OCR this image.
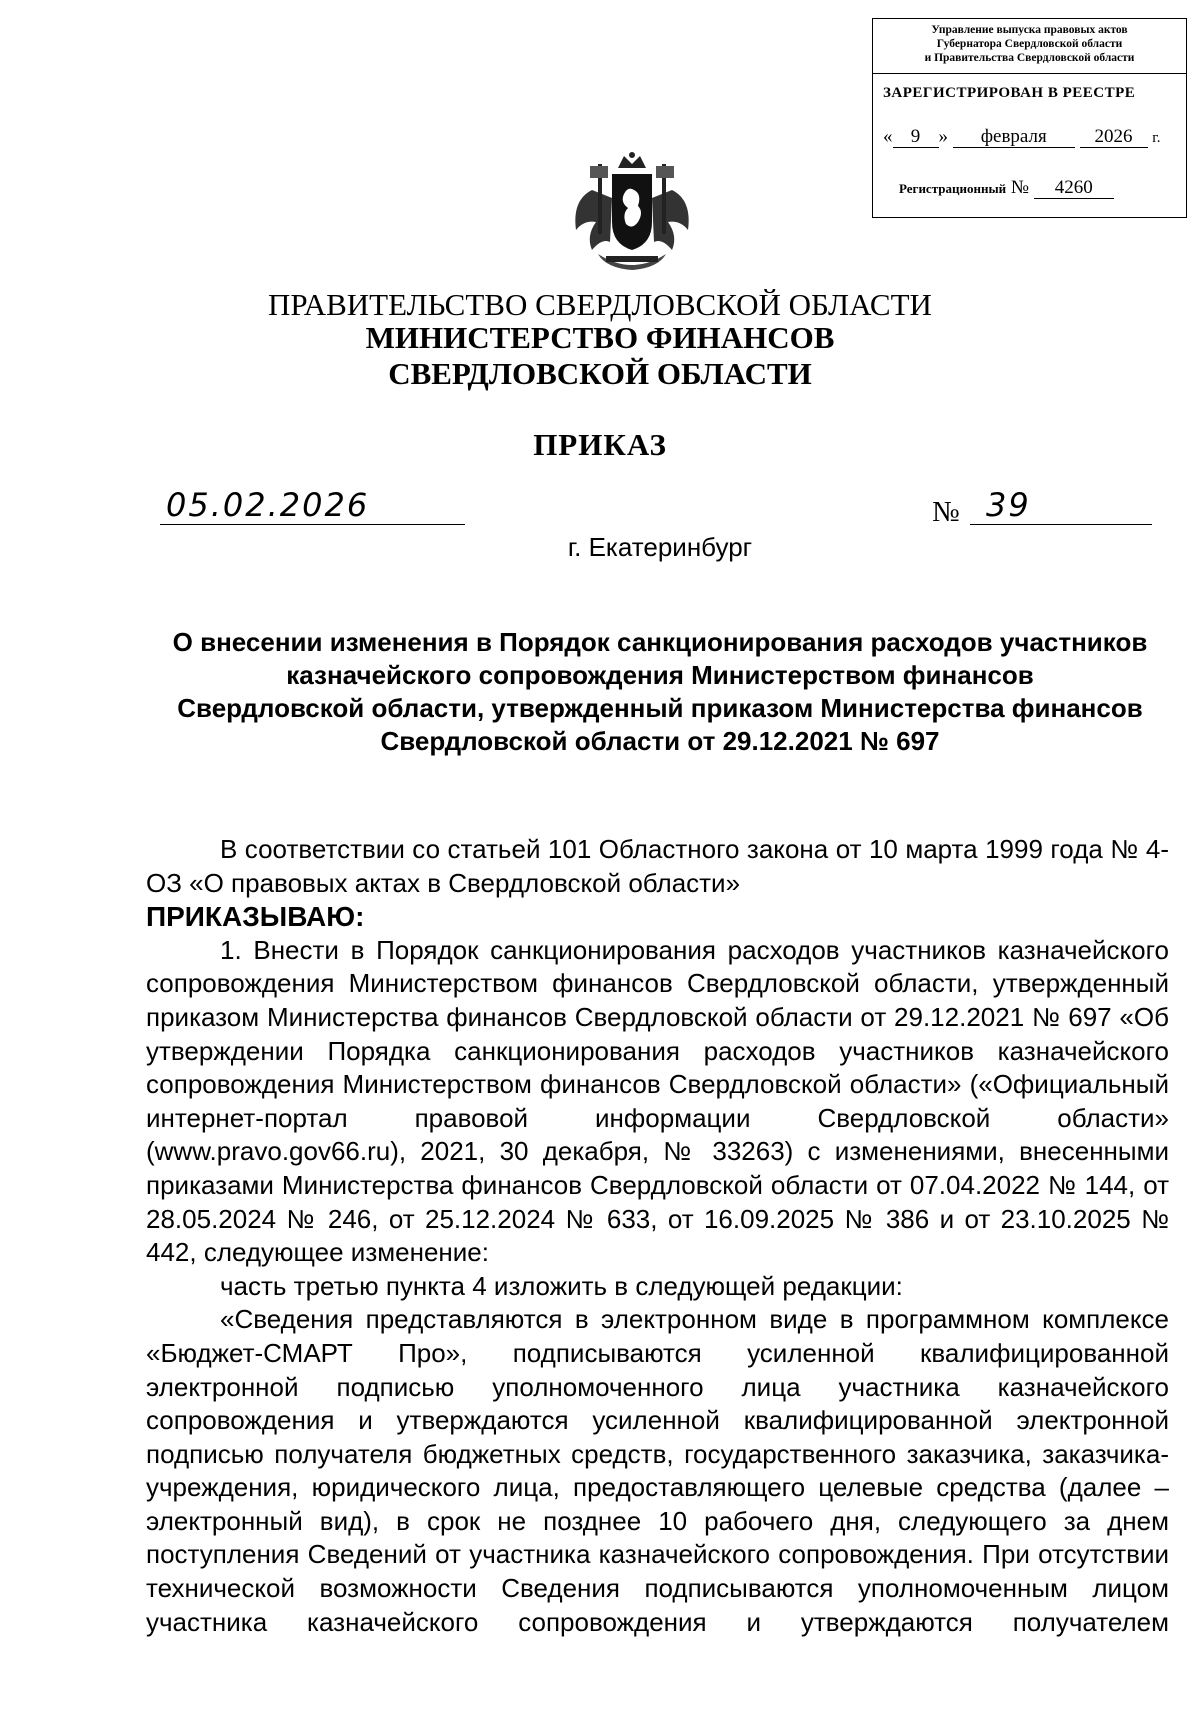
Управление выпуска правовых актов
Губернатора Свердловской области
и Правительства Свердловской области
ЗАРЕГИСТРИРОВАН В РЕЕСТРЕ
« 9 » февраля	2026 г.
Регистрационный № 4260
ПРАВИТЕЛЬСТВО СВЕРДЛОВСКОЙ ОБЛАСТИ
МИНИСТЕРСТВО ФИНАНСОВ
СВЕРДЛОВСКОЙ ОБЛАСТИ
ПРИКАЗ
05.02.2026	№ 39
г. Екатеринбург
О внесении изменения в Порядок санкционирования расходов участников
казначейского сопровождения Министерством финансов
Свердловской области, утвержденный приказом Министерства финансов
Свердловской области от 29.12.2021 № 697

В соответствии со статьей 101 Областного закона от 10 марта 1999 года № 4-ОЗ «О правовых актах в Свердловской области»

ПРИКАЗЫВАЮ:

1. Внести в Порядок санкционирования расходов участников казначейского сопровождения Министерством финансов Свердловской области, утвержденный приказом Министерства финансов Свердловской области от 29.12.2021 № 697 «Об утверждении Порядка санкционирования расходов участников казначейского сопровождения Министерством финансов Свердловской области» («Официальный интернет-портал правовой информации Свердловской области» (www.pravo.gov66.ru), 2021, 30 декабря, № 33263) с изменениями, внесенными приказами Министерства финансов Свердловской области от 07.04.2022 № 144, от 28.05.2024 № 246, от 25.12.2024 № 633, от 16.09.2025 № 386 и от 23.10.2025 № 442, следующее изменение:

часть третью пункта 4 изложить в следующей редакции:

«Сведения представляются в электронном виде в программном комплексе «Бюджет-СМАРТ Про», подписываются усиленной квалифицированной электронной подписью уполномоченного лица участника казначейского сопровождения и утверждаются усиленной квалифицированной электронной подписью получателя бюджетных средств, государственного заказчика, заказчика-учреждения, юридического лица, предоставляющего целевые средства (далее – электронный вид), в срок не позднее 10 рабочего дня, следующего за днем поступления Сведений от участника казначейского сопровождения. При отсутствии технической возможности Сведения подписываются уполномоченным лицом участника казначейского сопровождения и утверждаются получателем
